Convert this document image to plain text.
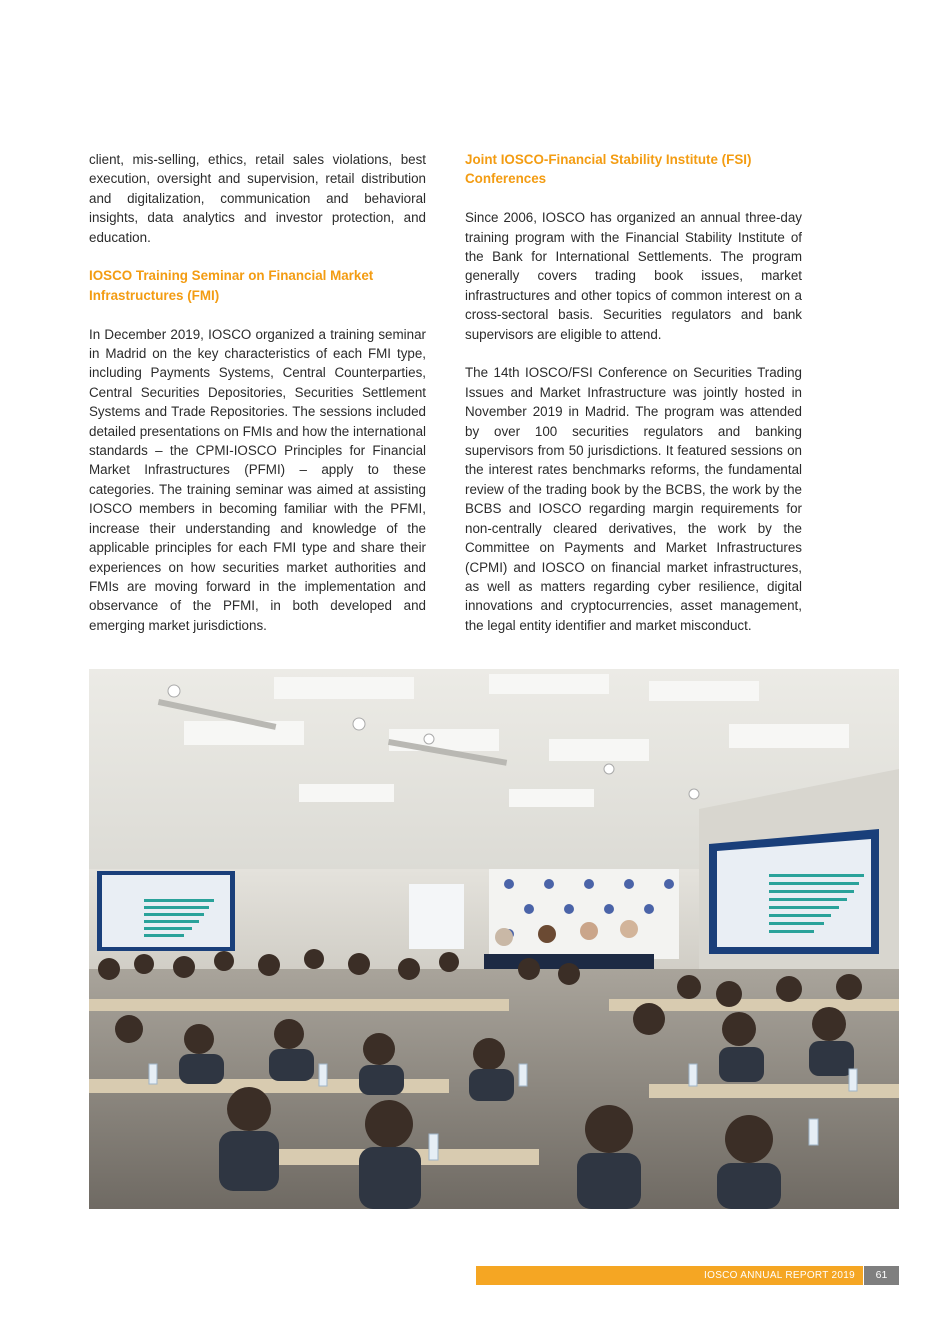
client, mis-selling, ethics, retail sales violations, best execution, oversight and supervision, retail distribution and digitalization, communication and behavioral insights, data analytics and investor protection, and education.

IOSCO Training Seminar on Financial Market Infrastructures (FMI)

In December 2019, IOSCO organized a training seminar in Madrid on the key characteristics of each FMI type, including Payments Systems, Central Counterparties, Central Securities Depositories, Securities Settlement Systems and Trade Repositories. The sessions included detailed presentations on FMIs and how the international standards – the CPMI-IOSCO Principles for Financial Market Infrastructures (PFMI) – apply to these categories. The training seminar was aimed at assisting IOSCO members in becoming familiar with the PFMI, increase their understanding and knowledge of the applicable principles for each FMI type and share their experiences on how securities market authorities and FMIs are moving forward in the implementation and observance of the PFMI, in both developed and emerging market jurisdictions.

Joint IOSCO-Financial Stability Institute (FSI) Conferences

Since 2006, IOSCO has organized an annual three-day training program with the Financial Stability Institute of the Bank for International Settlements. The program generally covers trading book issues, market infrastructures and other topics of common interest on a cross-sectoral basis. Securities regulators and bank supervisors are eligible to attend.

The 14th IOSCO/FSI Conference on Securities Trading Issues and Market Infrastructure was jointly hosted in November 2019 in Madrid. The program was attended by over 100 securities regulators and banking supervisors from 50 jurisdictions. It featured sessions on the interest rates benchmarks reforms, the fundamental review of the trading book by the BCBS, the work by the BCBS and IOSCO regarding margin requirements for non-centrally cleared derivatives, the work by the Committee on Payments and Market Infrastructures (CPMI) and IOSCO on financial market infrastructures, as well as matters regarding cyber resilience, digital innovations and cryptocurrencies, asset management, the legal entity identifier and market misconduct.

IOSCO ANNUAL REPORT 2019	61
